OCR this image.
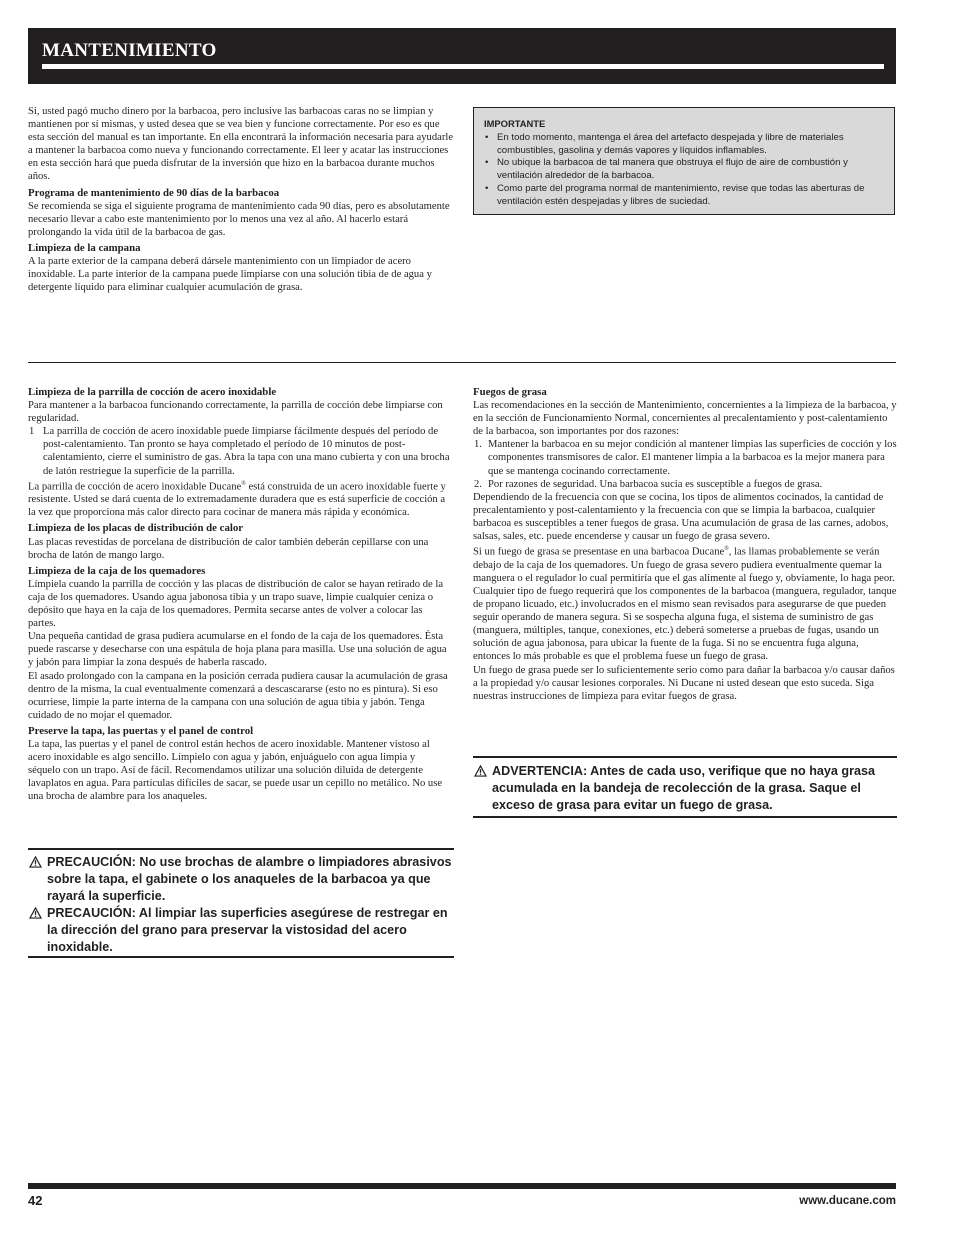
MANTENIMIENTO

Si, usted pagó mucho dinero por la barbacoa, pero inclusive las barbacoas caras no se limpian y mantienen por sí mismas, y usted desea que se vea bien y funcione correctamente. Por eso es que esta sección del manual es tan importante. En ella encontrará la información necesaria para ayudarle a mantener la barbacoa como nueva y funcionando correctamente. El leer y acatar las instrucciones en esta sección hará que pueda disfrutar de la inversión que hizo en la barbacoa durante muchos años.

Programa de mantenimiento de 90 días de la barbacoa

Se recomienda se siga el siguiente programa de mantenimiento cada 90 días, pero es absolutamente necesario llevar a cabo este mantenimiento por lo menos una vez al año. Al hacerlo estará prolongando la vida útil de la barbacoa de gas.

Limpieza de la campana

A la parte exterior de la campana deberá dársele mantenimiento con un limpiador de acero inoxidable. La parte interior de la campana puede limpiarse con una solución tibia de de agua y detergente líquido para eliminar cualquier acumulación de grasa.

IMPORTANTE
• En todo momento, mantenga el área del artefacto despejada y libre de materiales combustibles, gasolina y demás vapores y líquidos inflamables.
• No ubique la barbacoa de tal manera que obstruya el flujo de aire de combustión y ventilación alrededor de la barbacoa.
• Como parte del programa normal de mantenimiento, revise que todas las aberturas de ventilación estén despejadas y libres de suciedad.
Limpieza de la parrilla de cocción de acero inoxidable

Para mantener a la barbacoa funcionando correctamente, la parrilla de cocción debe limpiarse con regularidad.

1 La parrilla de cocción de acero inoxidable puede limpiarse fácilmente después del período de post-calentamiento. Tan pronto se haya completado el período de 10 minutos de post-calentamiento, cierre el suministro de gas. Abra la tapa con una mano cubierta y con una brocha de latón restriegue la superficie de la parrilla.

La parrilla de cocción de acero inoxidable Ducane® está construida de un acero inoxidable fuerte y resistente. Usted se dará cuenta de lo extremadamente duradera que es está superficie de cocción a la vez que proporciona más calor directo para cocinar de manera más rápida y económica.

Limpieza de los placas de distribución de calor

Las placas revestidas de porcelana de distribución de calor también deberán cepillarse con una brocha de latón de mango largo.

Limpieza de la caja de los quemadores

Límpiela cuando la parrilla de cocción y las placas de distribución de calor se hayan retirado de la caja de los quemadores. Usando agua jabonosa tibia y un trapo suave, limpie cualquier ceniza o depósito que haya en la caja de los quemadores. Permita secarse antes de volver a colocar las partes.

Una pequeña cantidad de grasa pudiera acumularse en el fondo de la caja de los quemadores. Ésta puede rascarse y desecharse con una espátula de hoja plana para masilla. Use una solución de agua y jabón para limpiar la zona después de haberla rascado.

El asado prolongado con la campana en la posición cerrada pudiera causar la acumulación de grasa dentro de la misma, la cual eventualmente comenzará a descascararse (esto no es pintura). Si eso ocurriese, limpie la parte interna de la campana con una solución de agua tibia y jabón. Tenga cuidado de no mojar el quemador.

Preserve la tapa, las puertas y el panel de control

La tapa, las puertas y el panel de control están hechos de acero inoxidable. Mantener vistoso al acero inoxidable es algo sencillo. Límpielo con agua y jabón, enjuáguelo con agua limpia y séquelo con un trapo. Así de fácil. Recomendamos utilizar una solución diluida de detergente lavaplatos en agua. Para partículas difíciles de sacar, se puede usar un cepillo no metálico. No use una brocha de alambre para los anaqueles.

PRECAUCIÓN: No use brochas de alambre o limpiadores abrasivos sobre la tapa, el gabinete o los anaqueles de la barbacoa ya que rayará la superficie.
PRECAUCIÓN: Al limpiar las superficies asegúrese de restregar en la dirección del grano para preservar la vistosidad del acero inoxidable.
Fuegos de grasa

Las recomendaciones en la sección de Mantenimiento, concernientes a la limpieza de la barbacoa, y en la sección de Funcionamiento Normal, concernientes al precalentamiento y post-calentamiento de la barbacoa, son importantes por dos razones:

1. Mantener la barbacoa en su mejor condición al mantener limpias las superficies de cocción y los componentes transmisores de calor. El mantener limpia a la barbacoa es la mejor manera para que se mantenga cocinando correctamente.
2. Por razones de seguridad. Una barbacoa sucia es susceptible a fuegos de grasa.

Dependiendo de la frecuencia con que se cocina, los tipos de alimentos cocinados, la cantidad de precalentamiento y post-calentamiento y la frecuencia con que se limpia la barbacoa, cualquier barbacoa es susceptibles a tener fuegos de grasa. Una acumulación de grasa de las carnes, adobos, salsas, sales, etc. puede encenderse y causar un fuego de grasa severo.

Si un fuego de grasa se presentase en una barbacoa Ducane®, las llamas probablemente se verán debajo de la caja de los quemadores. Un fuego de grasa severo pudiera eventualmente quemar la manguera o el regulador lo cual permitiría que el gas alimente al fuego y, obviamente, lo haga peor.

Cualquier tipo de fuego requerirá que los componentes de la barbacoa (manguera, regulador, tanque de propano licuado, etc.) involucrados en el mismo sean revisados para asegurarse de que pueden seguir operando de manera segura. Si se sospecha alguna fuga, el sistema de suministro de gas (manguera, múltiples, tanque, conexiones, etc.) deberá someterse a pruebas de fugas, usando un solución de agua jabonosa, para ubicar la fuente de la fuga. Si no se encuentra fuga alguna, entonces lo más probable es que el problema fuese un fuego de grasa.

Un fuego de grasa puede ser lo suficientemente serio como para dañar la barbacoa y/o causar daños a la propiedad y/o causar lesiones corporales. Ni Ducane ni usted desean que esto suceda. Siga nuestras instrucciones de limpieza para evitar fuegos de grasa.

ADVERTENCIA: Antes de cada uso, verifique que no haya grasa acumulada en la bandeja de recolección de la grasa. Saque el exceso de grasa para evitar un fuego de grasa.
42	www.ducane.com
